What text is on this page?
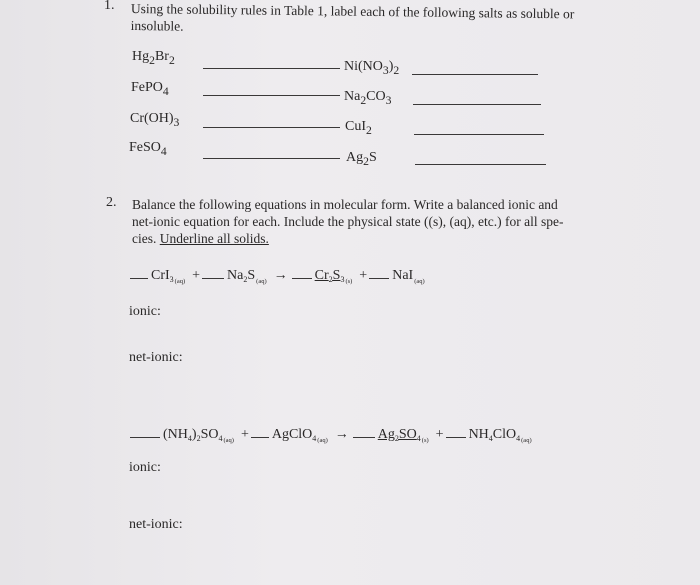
1. Using the solubility rules in Table 1, label each of the following salts as soluble or
insoluble.
$Hg_2Br_2$
FePO$_4$
$Cr(OH)_3$
FeSO$_4$
$Ni(NO_3)_2$
$Na_2CO_3$
CuI$_2$
$Ag_2S$
2. Balance the following equations in molecular form. Write a balanced ionic and
net-ionic equation for each. Include the physical state ((s), (aq), etc.) for all spe-
cies. Underline all solids.
$CrI_{3(aq)} + Na_2S_{(aq)} \to Cr_2S_{3(s)} + NaI_{(aq)}$
ionic:
net-ionic:
$(NH_4)_2SO_{4(aq)}$  + AgClO$_{4(aq)}$  → $Ag_2SO_{4(s)} + NH_4ClO_{4(aq)}$
ionic:
net-ionic:
